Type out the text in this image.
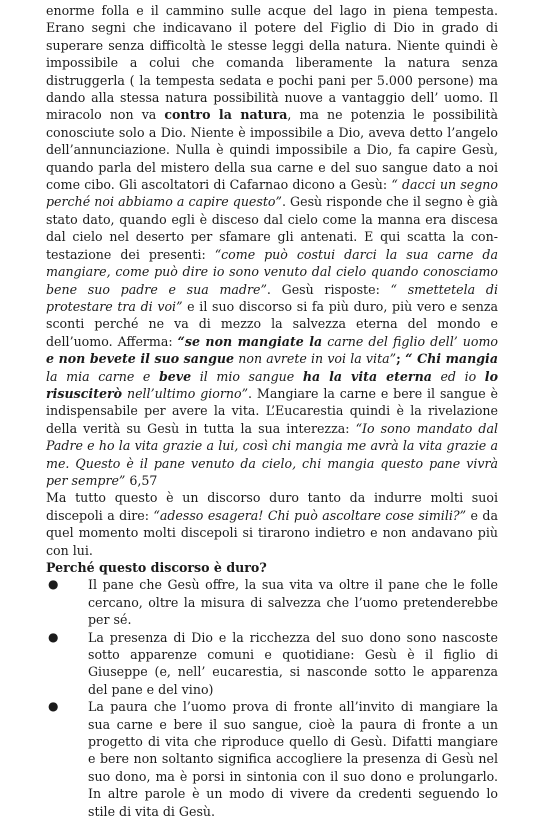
enorme folla e il cammino sulle acque del lago in piena tempesta. Erano segni che indicavano il potere del Figlio di Dio in grado di superare senza difficoltà le stesse leggi della natura. Niente quindi è impossibile a colui che comanda liberamente la natura senza distruggerla ( la tempesta sedata e pochi pani per 5.000 persone) ma dando alla stessa natura possibilità nuove a vantaggio dell’ uomo. Il miracolo non va contro la natura, ma ne potenzia le possibilità conosciute solo a Dio. Niente è impossibile a Dio, aveva detto l’angelo dell’annunciazione. Nulla è quindi impossibile a Dio, fa capire Gesù, quando parla del mistero della sua carne e del suo sangue dato a noi come cibo. Gli ascoltatori di Cafarnao dicono a Gesù: “ dacci un segno perché noi abbiamo a capire questo”. Gesù risponde che il segno è già stato dato, quando egli è disceso dal cielo come la manna era discesa dal cielo nel deserto per sfamare gli antenati. E qui scatta la contestazione dei presenti: “come può costui darci la sua carne da mangiare, come può dire io sono venuto dal cielo quando conosciamo bene suo padre e sua madre”. Gesù risposte: “ smettetela di protestare tra di voi” e il suo discorso si fa più duro, più vero e senza sconti perché ne va di mezzo la salvezza eterna del mondo e dell’uomo. Afferma: “se non mangiate la carne del figlio dell’ uomo e non bevete il suo sangue non avrete in voi la vita”; “ Chi mangia la mia carne e beve il mio sangue ha la vita eterna ed io lo risusciterò nell’ultimo giorno”. Mangiare la carne e bere il sangue è indispensabile per avere la vita. L’Eucarestia quindi è la rivelazione della verità su Gesù in tutta la sua interezza: “Io sono mandato dal Padre e ho la vita grazie a lui, così chi mangia me avrà la vita grazie a me. Questo è il pane venuto da cielo, chi mangia questo pane vivrà per sempre” 6,57

Ma tutto questo è un discorso duro tanto da indurre molti suoi discepoli a dire: “adesso esagera! Chi può ascoltare cose simili?” e da quel momento molti discepoli si tirarono indietro e non andavano più con lui.

Perché questo discorso è duro?

● Il pane che Gesù offre, la sua vita va oltre il pane che le folle cercano, oltre la misura di salvezza che l’uomo pretenderebbe per sé.
● La presenza di Dio e la ricchezza del suo dono sono nascoste sotto apparenze comuni e quotidiane: Gesù è il figlio di Giuseppe (e, nell’ eucarestia, si nasconde sotto le apparenza del pane e del vino)
● La paura che l’uomo prova di fronte all’invito di mangiare la sua carne e bere il suo sangue, cioè la paura di fronte a un progetto di vita che riproduce quello di Gesù. Difatti mangiare e bere non soltanto significa accogliere la presenza di Gesù nel suo dono, ma è porsi in sintonia con il suo dono e prolungarlo. In altre parole è un modo di vivere da credenti seguendo lo stile di vita di Gesù.
